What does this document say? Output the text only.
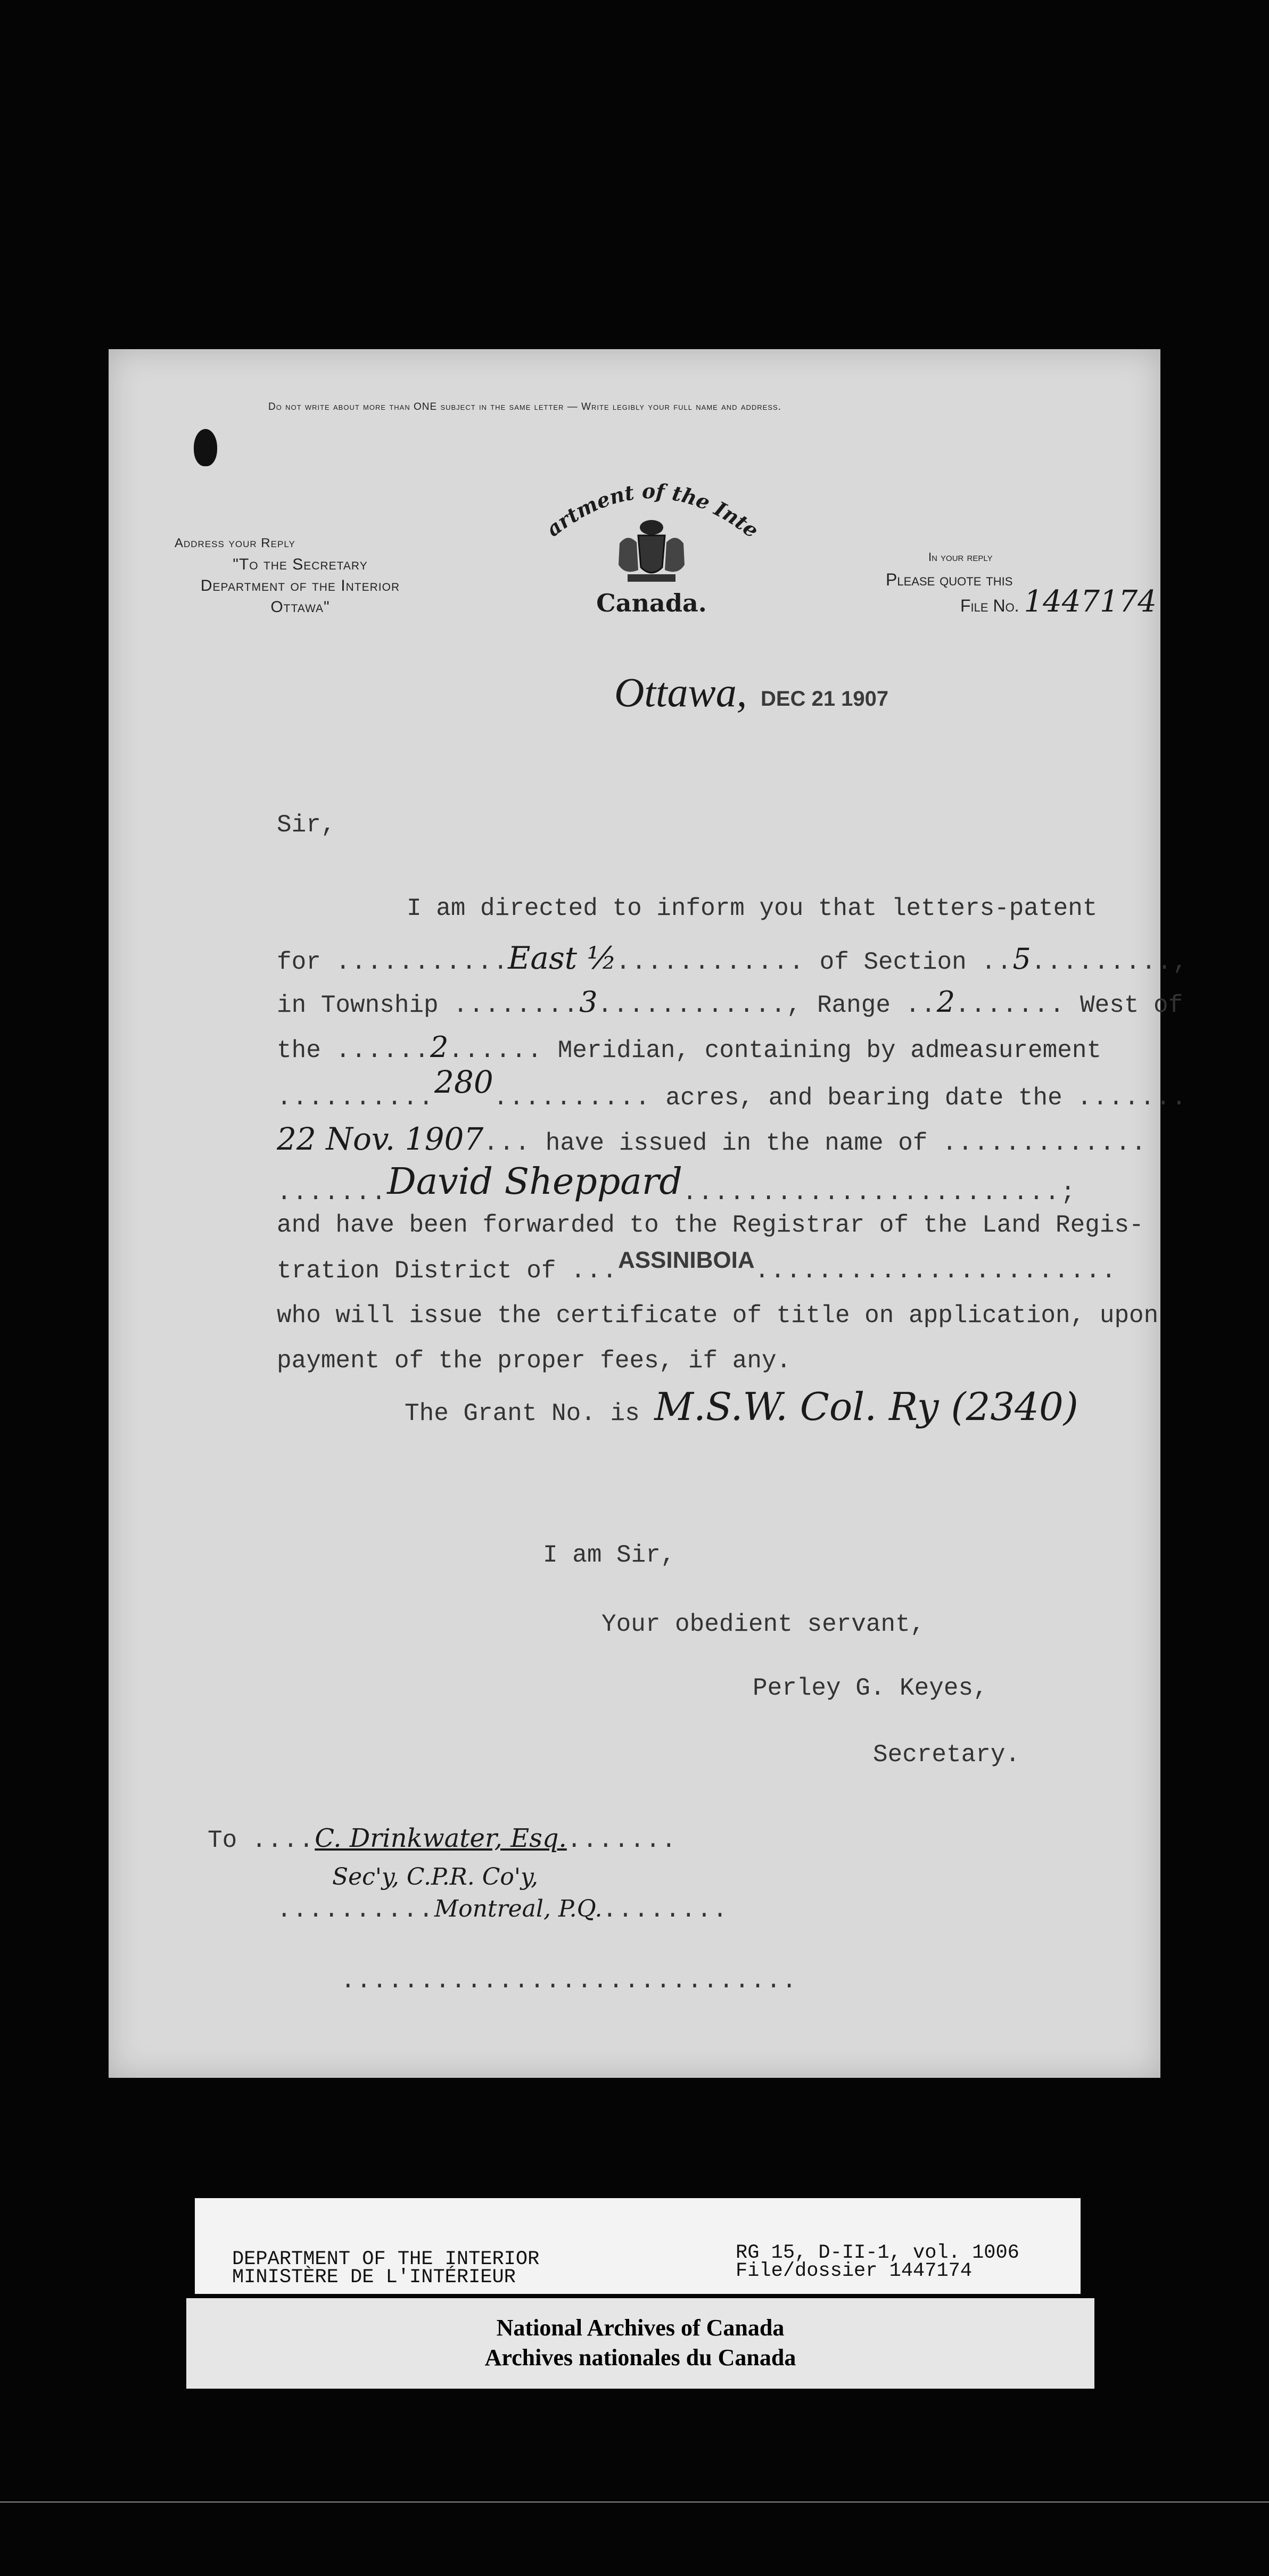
Do not write about more than ONE subject in the same letter — Write legibly your full name and address.
Address your Reply
"To the Secretary
Department of the Interior
Ottawa"
artment of the Inte
Canada.
In your reply
Please quote this
File No. 1447174
Ottawa, DEC 21 1907
Sir,
I am directed to inform you that letters-patent
for ...........East ½............ of Section ..5.........,
in Township ........3............, Range ..2....... West of
the ......2...... Meridian, containing by admeasurement
..........280.......... acres, and bearing date the .......
22 Nov. 1907... have issued in the name of .............
.......David Sheppard........................;
and have been forwarded to the Registrar of the Land Regis-
tration District of ...ASSINIBOIA.......................
who will issue the certificate of title on application, upon
payment of the proper fees, if any.
The Grant No. is M.S.W. Col. Ry (2340)
I am Sir,
Your obedient servant,
Perley G. Keyes,
Secretary.
To ....C. Drinkwater, Esq........
Sec'y, C.P.R. Co'y,
..........Montreal, P.Q.........
.............................
DEPARTMENT OF THE INTERIOR
MINISTÈRE DE L'INTÉRIEUR
RG 15, D-II-1, vol. 1006
File/dossier 1447174
National Archives of Canada
Archives nationales du Canada
